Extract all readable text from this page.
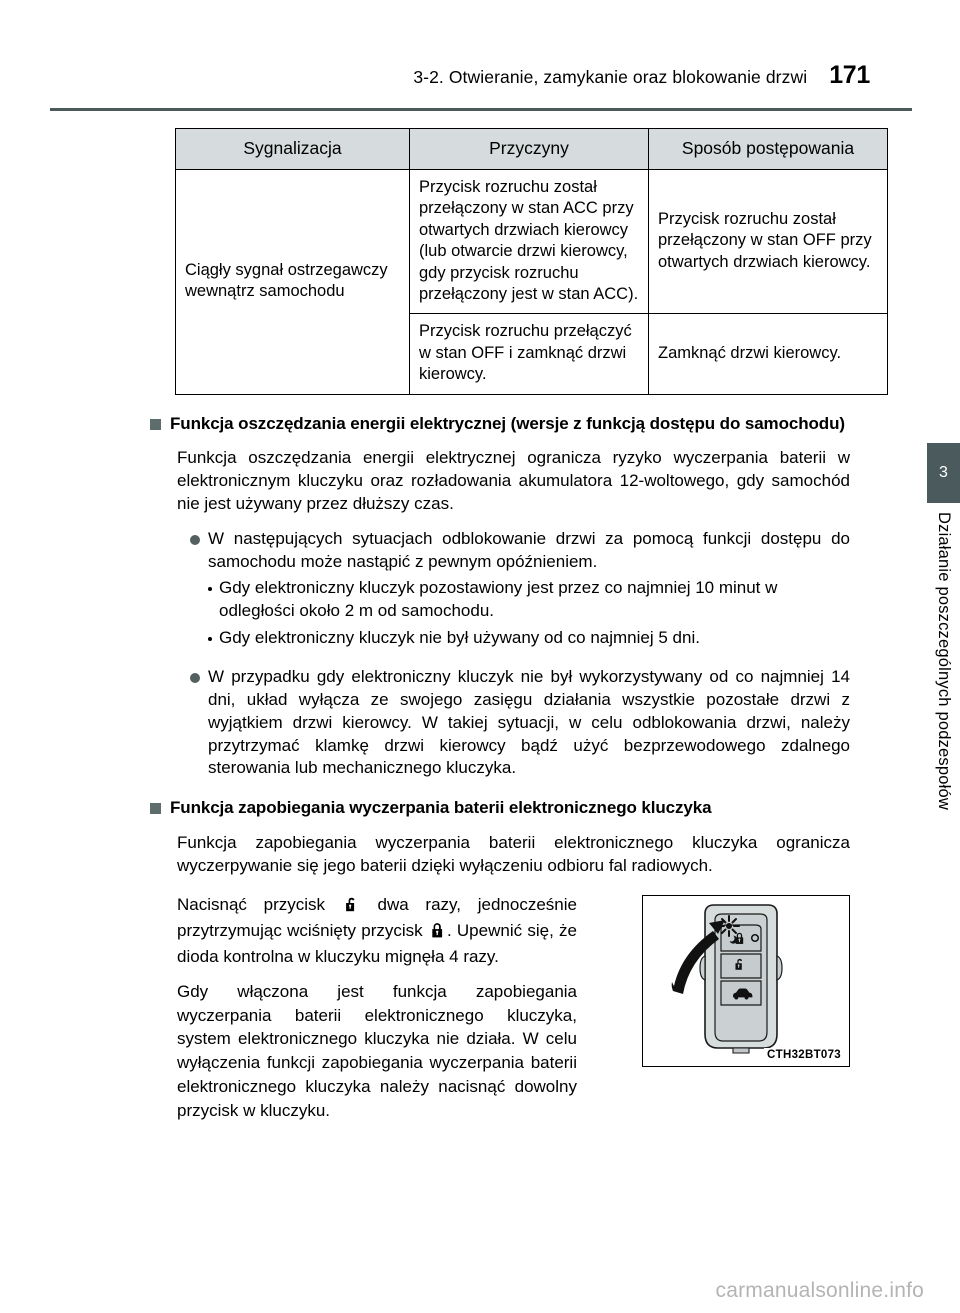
3-2. Otwieranie, zamykanie oraz blokowanie drzwi 171
Sygnalizacja	Przyczyny	Sposób postępowania
Ciągły sygnał ostrzegawczy wewnątrz samochodu	Przycisk rozruchu został przełączony w stan ACC przy otwartych drzwiach kierowcy (lub otwarcie drzwi kierowcy, gdy przycisk rozruchu przełączony jest w stan ACC).	Przycisk rozruchu został przełączony w stan OFF przy otwartych drzwiach kierowcy.
	Przycisk rozruchu przełączyć w stan OFF i zamknąć drzwi kierowcy.	Zamknąć drzwi kierowcy.
Funkcja oszczędzania energii elektrycznej (wersje z funkcją dostępu do samochodu)

Funkcja oszczędzania energii elektrycznej ogranicza ryzyko wyczerpania baterii w elektronicznym kluczyku oraz rozładowania akumulatora 12-woltowego, gdy samochód nie jest używany przez dłuższy czas.

W następujących sytuacjach odblokowanie drzwi za pomocą funkcji dostępu do samochodu może nastąpić z pewnym opóźnieniem.
Gdy elektroniczny kluczyk pozostawiony jest przez co najmniej 10 minut w odległości około 2 m od samochodu.
Gdy elektroniczny kluczyk nie był używany od co najmniej 5 dni.
W przypadku gdy elektroniczny kluczyk nie był wykorzystywany od co najmniej 14 dni, układ wyłącza ze swojego zasięgu działania wszystkie pozostałe drzwi z wyjątkiem drzwi kierowcy. W takiej sytuacji, w celu odblokowania drzwi, należy przytrzymać klamkę drzwi kierowcy bądź użyć bezprzewodowego zdalnego sterowania lub mechanicznego kluczyka.
Funkcja zapobiegania wyczerpania baterii elektronicznego kluczyka

Funkcja zapobiegania wyczerpania baterii elektronicznego kluczyka ogranicza wyczerpywanie się jego baterii dzięki wyłączeniu odbioru fal radiowych.

Nacisnąć przycisk	dwa razy, jednocześnie przytrzymując wciśnięty przycisk . Upewnić się, że dioda kontrolna w kluczyku mignęła 4 razy.

Gdy włączona jest funkcja zapobiegania wyczerpania baterii elektronicznego kluczyka, system elektronicznego kluczyka nie działa. W celu wyłączenia funkcji zapobiegania wyczerpania baterii elektronicznego kluczyka należy nacisnąć dowolny przycisk w kluczyku.

CTH32BT073
3
Działanie poszczególnych podzespołów
carmanualsonline.info
